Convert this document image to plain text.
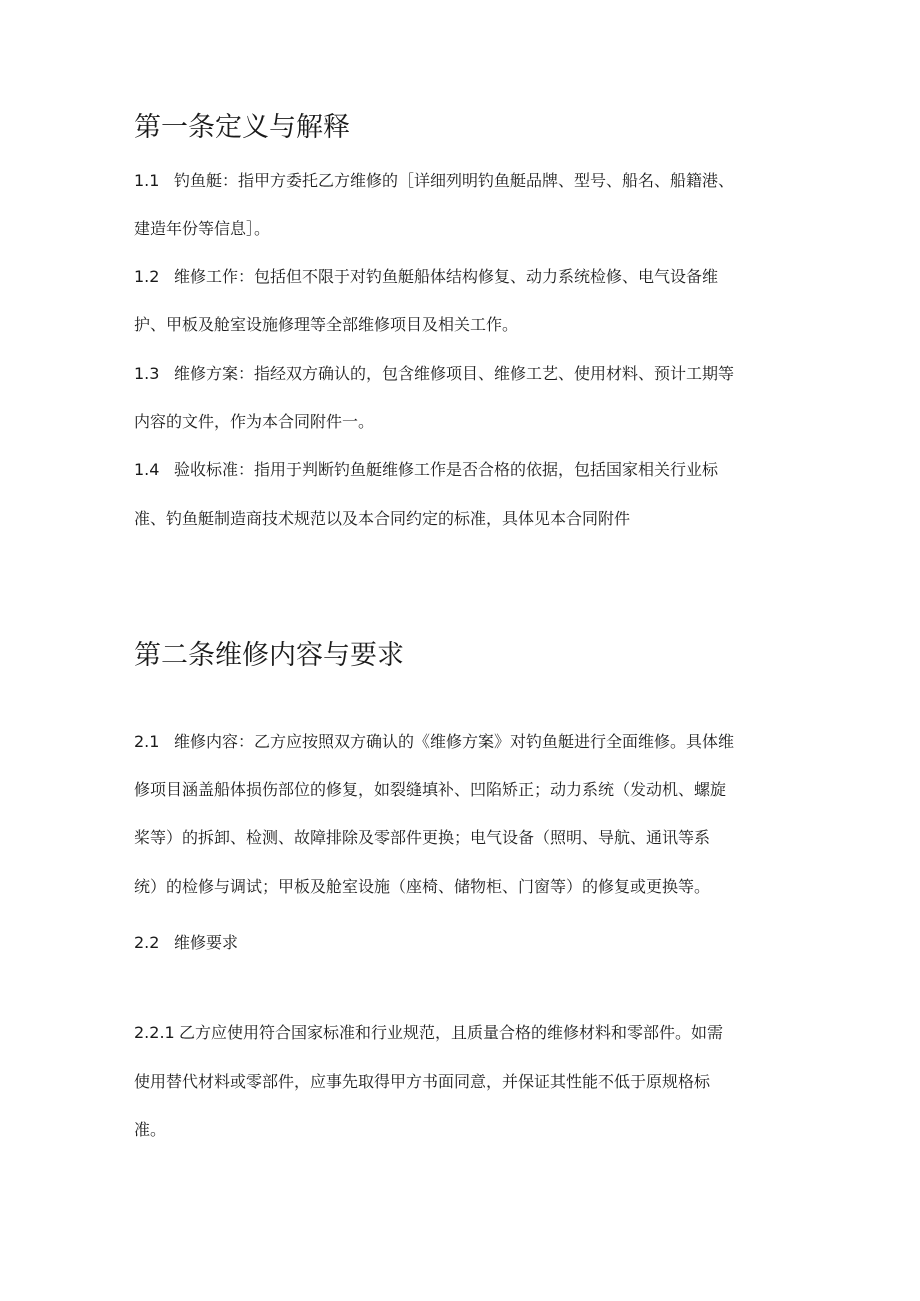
第一条定义与解释
1.1 钓鱼艇：指甲方委托乙方维修的［详细列明钓鱼艇品牌、型号、船名、船籍港、
建造年份等信息］。
1.2 维修工作：包括但不限于对钓鱼艇船体结构修复、动力系统检修、电气设备维
护、甲板及舱室设施修理等全部维修项目及相关工作。
1.3 维修方案：指经双方确认的，包含维修项目、维修工艺、使用材料、预计工期等
内容的文件，作为本合同附件一。
1.4 验收标准：指用于判断钓鱼艇维修工作是否合格的依据，包括国家相关行业标
准、钓鱼艇制造商技术规范以及本合同约定的标准，具体见本合同附件
第二条维修内容与要求
2.1 维修内容：乙方应按照双方确认的《维修方案》对钓鱼艇进行全面维修。具体维
修项目涵盖船体损伤部位的修复，如裂缝填补、凹陷矫正；动力系统（发动机、螺旋
桨等）的拆卸、检测、故障排除及零部件更换；电气设备（照明、导航、通讯等系
统）的检修与调试；甲板及舱室设施（座椅、储物柜、门窗等）的修复或更换等。
2.2 维修要求
2.2.1 乙方应使用符合国家标准和行业规范，且质量合格的维修材料和零部件。如需
使用替代材料或零部件，应事先取得甲方书面同意，并保证其性能不低于原规格标
准。
